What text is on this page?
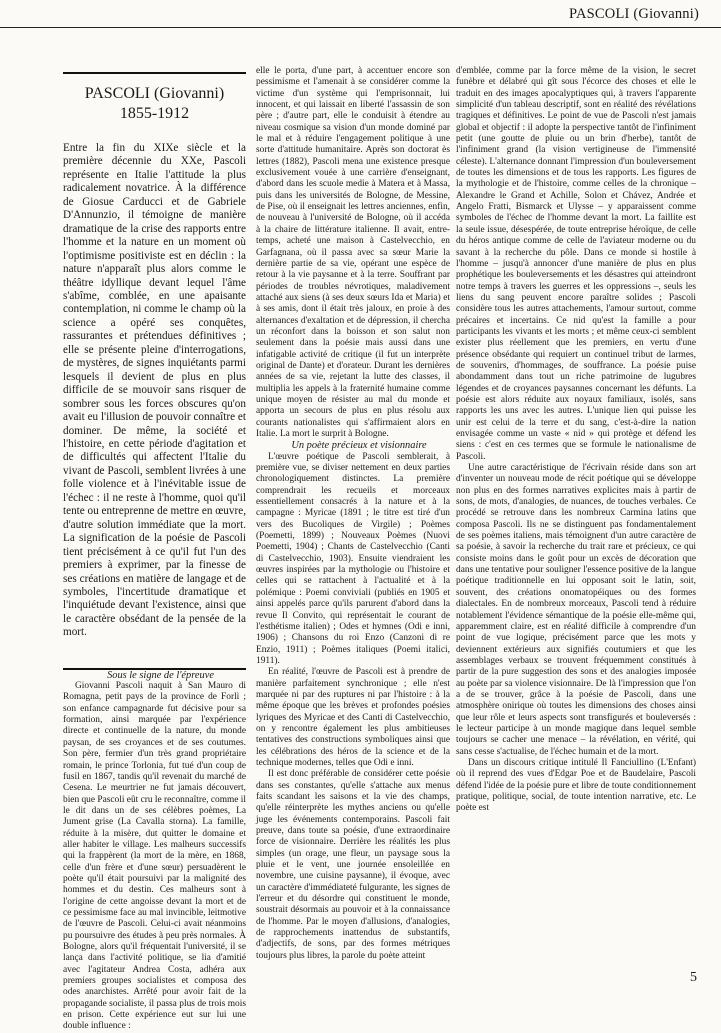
PASCOLI (Giovanni)
PASCOLI (Giovanni)
1855-1912

Entre la fin du XIXe siècle et la première décennie du XXe, Pascoli représente en Italie l'attitude la plus radicalement novatrice. À la différence de Giosue Carducci et de Gabriele D'Annunzio, il témoigne de manière dramatique de la crise des rapports entre l'homme et la nature en un moment où l'optimisme positiviste est en déclin : la nature n'apparaît plus alors comme le théâtre idyllique devant lequel l'âme s'abîme, comblée, en une apaisante contemplation, ni comme le champ où la science a opéré ses conquêtes, rassurantes et prétendues définitives ; elle se présente pleine d'interrogations, de mystères, de signes inquiétants parmi lesquels il devient de plus en plus difficile de se mouvoir sans risquer de sombrer sous les forces obscures qu'on avait eu l'illusion de pouvoir connaître et dominer. De même, la société et l'histoire, en cette période d'agitation et de difficultés qui affectent l'Italie du vivant de Pascoli, semblent livrées à une folle violence et à l'inévitable issue de l'échec : il ne reste à l'homme, quoi qu'il tente ou entreprenne de mettre en œuvre, d'autre solution immédiate que la mort. La signification de la poésie de Pascoli tient précisément à ce qu'il fut l'un des premiers à exprimer, par la finesse de ses créations en matière de langage et de symboles, l'incertitude dramatique et l'inquiétude devant l'existence, ainsi que le caractère obsédant de la pensée de la mort.

Sous le signe de l'épreuve

Giovanni Pascoli naquit à San Mauro di Romagna, petit pays de la province de Forlì ; son enfance campagnarde fut décisive pour sa formation, ainsi marquée par l'expérience directe et continuelle de la nature, du monde paysan, de ses croyances et de ses coutumes. Son père, fermier d'un très grand propriétaire romain, le prince Torlonia, fut tué d'un coup de fusil en 1867, tandis qu'il revenait du marché de Cesena. Le meurtrier ne fut jamais découvert, bien que Pascoli eût cru le reconnaître, comme il le dit dans un de ses célèbres poèmes, La Jument grise (La Cavalla storna). La famille, réduite à la misère, dut quitter le domaine et aller habiter le village. Les malheurs successifs qui la frappèrent (la mort de la mère, en 1868, celle d'un frère et d'une sœur) persuadèrent le poète qu'il était poursuivi par la malignité des hommes et du destin. Ces malheurs sont à l'origine de cette angoisse devant la mort et de ce pessimisme face au mal invincible, leitmotive de l'œuvre de Pascoli. Celui-ci avait néanmoins pu poursuivre des études à peu près normales. À Bologne, alors qu'il fréquentait l'université, il se lança dans l'activité politique, se lia d'amitié avec l'agitateur Andrea Costa, adhéra aux premiers groupes socialistes et composa des odes anarchistes. Arrêté pour avoir fait de la propagande socialiste, il passa plus de trois mois en prison. Cette expérience eut sur lui une double influence :

elle le porta, d'une part, à accentuer encore son pessimisme et l'amenait à se considérer comme la victime d'un système qui l'emprisonnait, lui innocent, et qui laissait en liberté l'assassin de son père ; d'autre part, elle le conduisit à étendre au niveau cosmique sa vision d'un monde dominé par le mal et à réduire l'engagement politique à une sorte d'attitude humanitaire. Après son doctorat ès lettres (1882), Pascoli mena une existence presque exclusivement vouée à une carrière d'enseignant, d'abord dans les scuole medie à Matera et à Massa, puis dans les universités de Bologne, de Messine, de Pise, où il enseignait les lettres anciennes, enfin, de nouveau à l'université de Bologne, où il accéda à la chaire de littérature italienne. Il avait, entre-temps, acheté une maison à Castelvecchio, en Garfagnana, où il passa avec sa sœur Marie la dernière partie de sa vie, opérant une espèce de retour à la vie paysanne et à la terre. Souffrant par périodes de troubles névrotiques, maladivement attaché aux siens (à ses deux sœurs Ida et Maria) et à ses amis, dont il était très jaloux, en proie à des alternances d'exaltation et de dépression, il chercha un réconfort dans la boisson et son salut non seulement dans la poésie mais aussi dans une infatigable activité de critique (il fut un interprète original de Dante) et d'orateur. Durant les dernières années de sa vie, rejetant la lutte des classes, il multiplia les appels à la fraternité humaine comme unique moyen de résister au mal du monde et apporta un secours de plus en plus résolu aux courants nationalistes qui s'affirmaient alors en Italie. La mort le surprit à Bologne.

Un poète précieux et visionnaire

L'œuvre poétique de Pascoli semblerait, à première vue, se diviser nettement en deux parties chronologiquement distinctes. La première comprendrait les recueils et morceaux essentiellement consacrés à la nature et à la campagne : Myricae (1891 ; le titre est tiré d'un vers des Bucoliques de Virgile) ; Poèmes (Poemetti, 1899) ; Nouveaux Poèmes (Nuovi Poemetti, 1904) ; Chants de Castelvecchio (Canti di Castelvecchio, 1903). Ensuite viendraient les œuvres inspirées par la mythologie ou l'histoire et celles qui se rattachent à l'actualité et à la polémique : Poemi conviviali (publiés en 1905 et ainsi appelés parce qu'ils parurent d'abord dans la revue Il Convito, qui représentait le courant de l'esthétisme italien) ; Odes et hymnes (Odi e inni, 1906) ; Chansons du roi Enzo (Canzoni di re Enzio, 1911) ; Poèmes italiques (Poemi italici, 1911).

En réalité, l'œuvre de Pascoli est à prendre de manière parfaitement synchronique ; elle n'est marquée ni par des ruptures ni par l'histoire : à la même époque que les brèves et profondes poésies lyriques des Myricae et des Canti di Castelvecchio, on y rencontre également les plus ambitieuses tentatives des constructions symboliques ainsi que les célébrations des héros de la science et de la technique modernes, telles que Odi e inni.

Il est donc préférable de considérer cette poésie dans ses constantes, qu'elle s'attache aux menus faits scandant les saisons et la vie des champs, qu'elle réinterprète les mythes anciens ou qu'elle juge les événements contemporains. Pascoli fait preuve, dans toute sa poésie, d'une extraordinaire force de visionnaire. Derrière les réalités les plus simples (un orage, une fleur, un paysage sous la pluie et le vent, une journée ensoleillée en novembre, une cuisine paysanne), il évoque, avec un caractère d'immédiateté fulgurante, les signes de l'erreur et du désordre qui constituent le monde, soustrait désormais au pouvoir et à la connaissance de l'homme. Par le moyen d'allusions, d'analogies, de rapprochements inattendus de substantifs, d'adjectifs, de sons, par des formes métriques toujours plus libres, la parole du poète atteint

d'emblée, comme par la force même de la vision, le secret funèbre et délabré qui gît sous l'écorce des choses et elle le traduit en des images apocalyptiques qui, à travers l'apparente simplicité d'un tableau descriptif, sont en réalité des révélations tragiques et définitives. Le point de vue de Pascoli n'est jamais global et objectif : il adopte la perspective tantôt de l'infiniment petit (une goutte de pluie ou un brin d'herbe), tantôt de l'infiniment grand (la vision vertigineuse de l'immensité céleste). L'alternance donnant l'impression d'un bouleversement de toutes les dimensions et de tous les rapports. Les figures de la mythologie et de l'histoire, comme celles de la chronique – Alexandre le Grand et Achille, Solon et Chávez, Andrée et Angelo Fratti, Bismarck et Ulysse – y apparaissent comme symboles de l'échec de l'homme devant la mort. La faillite est la seule issue, désespérée, de toute entreprise héroïque, de celle du héros antique comme de celle de l'aviateur moderne ou du savant à la recherche du pôle. Dans ce monde si hostile à l'homme – jusqu'à annoncer d'une manière de plus en plus prophétique les bouleversements et les désastres qui atteindront notre temps à travers les guerres et les oppressions –, seuls les liens du sang peuvent encore paraître solides ; Pascoli considère tous les autres attachements, l'amour surtout, comme précaires et incertains. Ce nid qu'est la famille a pour participants les vivants et les morts ; et même ceux-ci semblent exister plus réellement que les premiers, en vertu d'une présence obsédante qui requiert un continuel tribut de larmes, de souvenirs, d'hommages, de souffrance. La poésie puise abondamment dans tout un riche patrimoine de lugubres légendes et de croyances paysannes concernant les défunts. La poésie est alors réduite aux noyaux familiaux, isolés, sans rapports les uns avec les autres. L'unique lien qui puisse les unir est celui de la terre et du sang, c'est-à-dire la nation envisagée comme un vaste « nid » qui protège et défend les siens : c'est en ces termes que se formule le nationalisme de Pascoli.

Une autre caractéristique de l'écrivain réside dans son art d'inventer un nouveau mode de récit poétique qui se développe non plus en des formes narratives explicites mais à partir de sons, de mots, d'analogies, de nuances, de touches verbales. Ce procédé se retrouve dans les nombreux Carmina latins que composa Pascoli. Ils ne se distinguent pas fondamentalement de ses poèmes italiens, mais témoignent d'un autre caractère de sa poésie, à savoir la recherche du trait rare et précieux, ce qui consiste moins dans le goût pour un excès de décoration que dans une tentative pour souligner l'essence positive de la langue poétique traditionnelle en lui opposant soit le latin, soit, souvent, des créations onomatopéiques ou des formes dialectales. En de nombreux morceaux, Pascoli tend à réduire notablement l'évidence sémantique de la poésie elle-même qui, apparemment claire, est en réalité difficile à comprendre d'un point de vue logique, précisément parce que les mots y deviennent extérieurs aux signifiés coutumiers et que les assemblages verbaux se trouvent fréquemment constitués à partir de la pure suggestion des sons et des analogies imposée au poète par sa violence visionnaire. De là l'impression que l'on a de se trouver, grâce à la poésie de Pascoli, dans une atmosphère onirique où toutes les dimensions des choses ainsi que leur rôle et leurs aspects sont transfigurés et bouleversés : le lecteur participe à un monde magique dans lequel semble toujours se cacher une menace – la révélation, en vérité, qui sans cesse s'actualise, de l'échec humain et de la mort.

Dans un discours critique intitulé Il Fanciullino (L'Enfant) où il reprend des vues d'Edgar Poe et de Baudelaire, Pascoli défend l'idée de la poésie pure et libre de toute conditionnement pratique, politique, social, de toute intention narrative, etc. Le poète est

5
